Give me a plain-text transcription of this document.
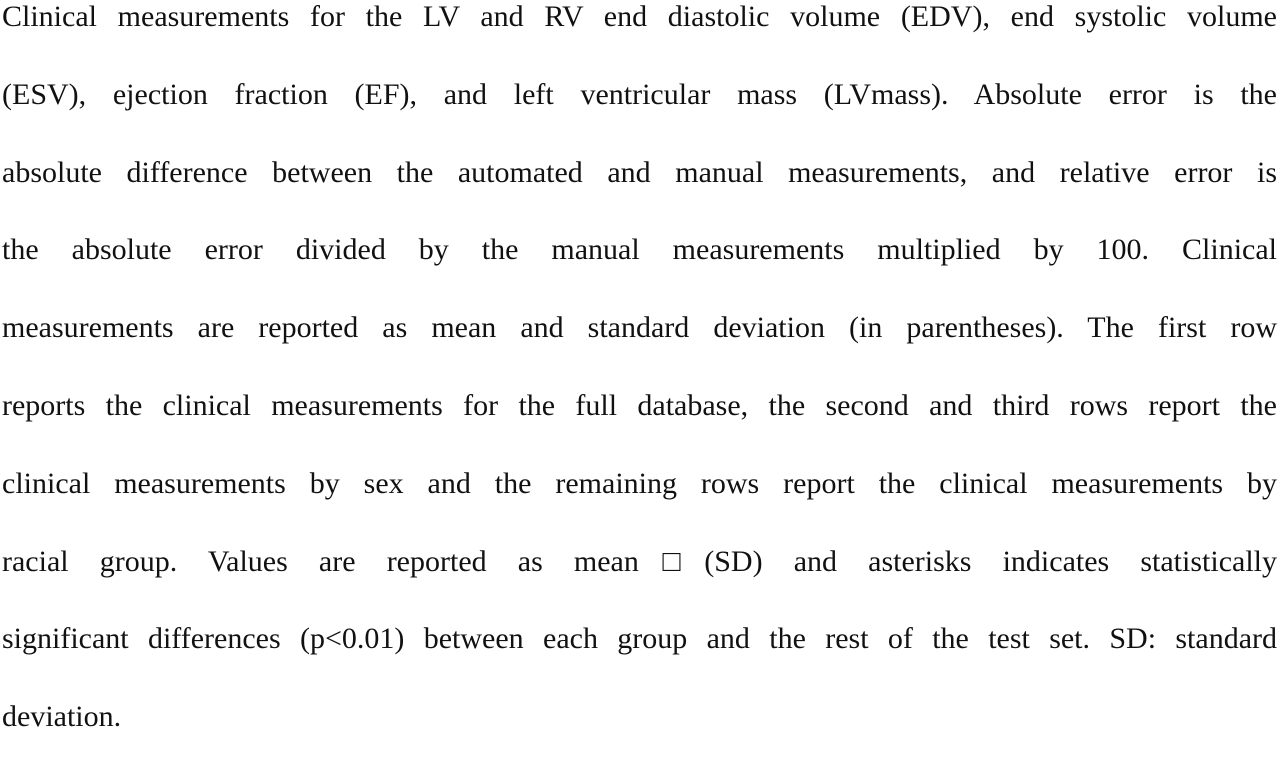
Clinical measurements for the LV and RV end diastolic volume (EDV), end systolic volume
(ESV), ejection fraction (EF), and left ventricular mass (LVmass). Absolute error is the
absolute difference between the automated and manual measurements, and relative error is
the absolute error divided by the manual measurements multiplied by 100. Clinical
measurements are reported as mean and standard deviation (in parentheses). The first row
reports the clinical measurements for the full database, the second and third rows report the
clinical measurements by sex and the remaining rows report the clinical measurements by
racial group. Values are reported as mean□(SD) and asterisks indicates statistically
significant differences (p<0.01) between each group and the rest of the test set. SD: standard
deviation.
